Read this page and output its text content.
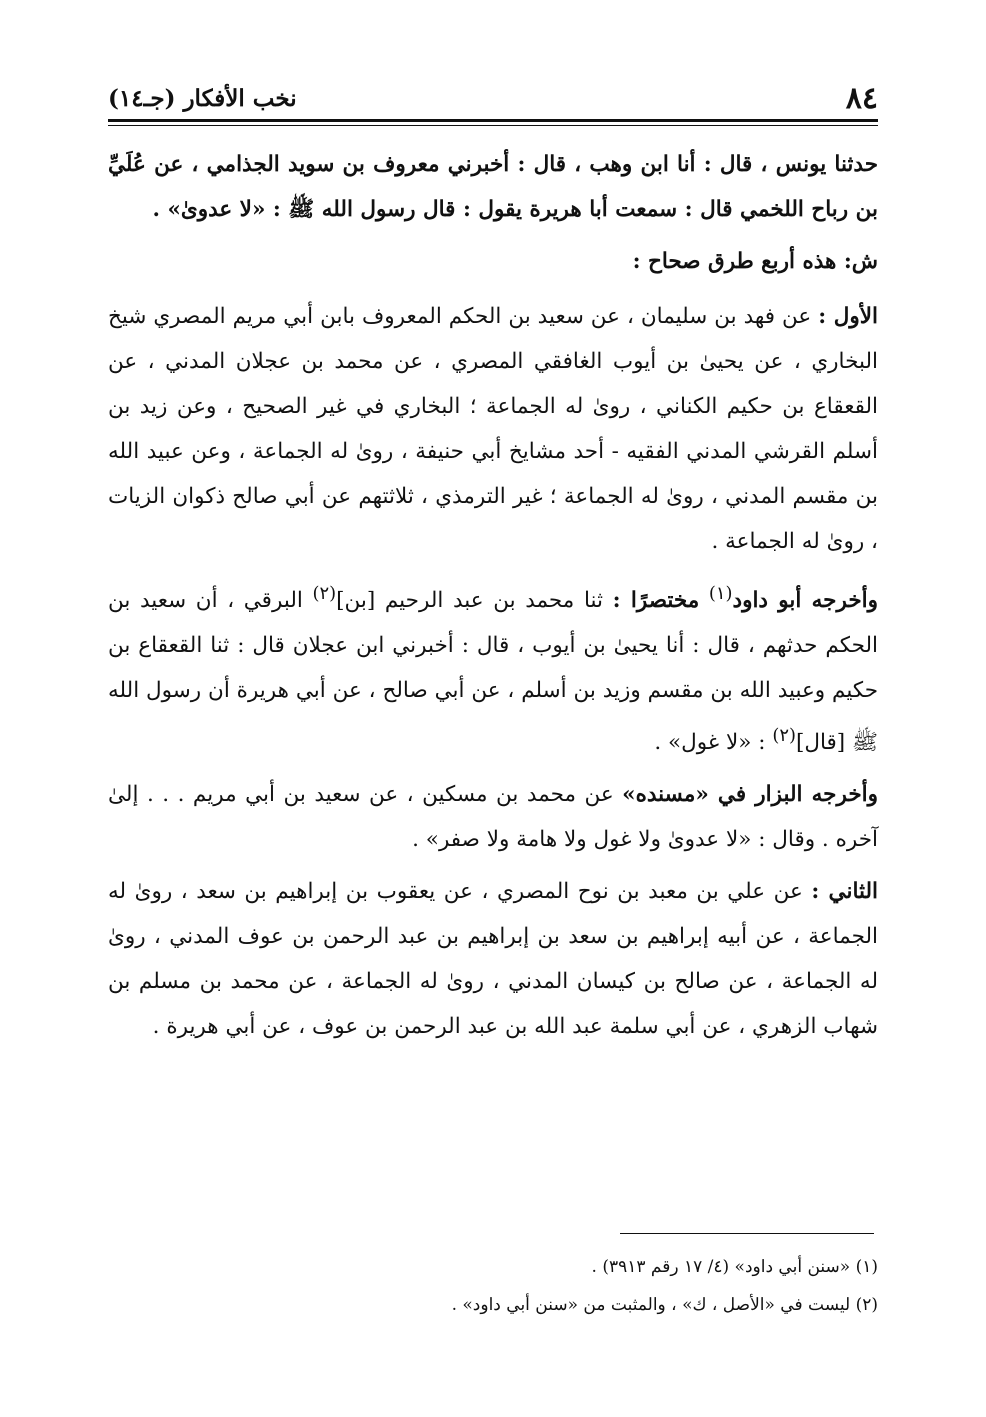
٨٤
نخب الأفكار (جـ١٤)

حدثنا يونس ، قال : أنا ابن وهب ، قال : أخبرني معروف بن سويد الجذامي ، عن عُلَيِّ بن رباح اللخمي قال : سمعت أبا هريرة يقول : قال رسول الله ﷺ : «لا عدوىٰ» .

ش: هذه أربع طرق صحاح :

الأول : عن فهد بن سليمان ، عن سعيد بن الحكم المعروف بابن أبي مريم المصري شيخ البخاري ، عن يحيىٰ بن أيوب الغافقي المصري ، عن محمد بن عجلان المدني ، عن القعقاع بن حكيم الكناني ، روىٰ له الجماعة ؛ البخاري في غير الصحيح ، وعن زيد بن أسلم القرشي المدني الفقيه - أحد مشايخ أبي حنيفة ، روىٰ له الجماعة ، وعن عبيد الله بن مقسم المدني ، روىٰ له الجماعة ؛ غير الترمذي ، ثلاثتهم عن أبي صالح ذكوان الزيات ، روىٰ له الجماعة .

وأخرجه أبو داود$^{(١)}$ مختصرًا : ثنا محمد بن عبد الرحيم [بن]$^{(٢)}$ البرقي ، أن سعيد بن الحكم حدثهم ، قال : أنا يحيىٰ بن أيوب ، قال : أخبرني ابن عجلان قال : ثنا القعقاع بن حكيم وعبيد الله بن مقسم وزيد بن أسلم ، عن أبي صالح ، عن أبي هريرة أن رسول الله ﷺ [قال]$^{(٢)}$ : «لا غول» .

وأخرجه البزار في «مسنده» عن محمد بن مسكين ، عن سعيد بن أبي مريم . . . إلىٰ آخره . وقال : «لا عدوىٰ ولا غول ولا هامة ولا صفر» .

الثاني : عن علي بن معبد بن نوح المصري ، عن يعقوب بن إبراهيم بن سعد ، روىٰ له الجماعة ، عن أبيه إبراهيم بن سعد بن إبراهيم بن عبد الرحمن بن عوف المدني ، روىٰ له الجماعة ، عن صالح بن كيسان المدني ، روىٰ له الجماعة ، عن محمد بن مسلم بن شهاب الزهري ، عن أبي سلمة عبد الله بن عبد الرحمن بن عوف ، عن أبي هريرة .

(١) «سنن أبي داود» (٤/ ١٧ رقم ٣٩١٣) .

(٢) ليست في «الأصل ، ك» ، والمثبت من «سنن أبي داود» .
